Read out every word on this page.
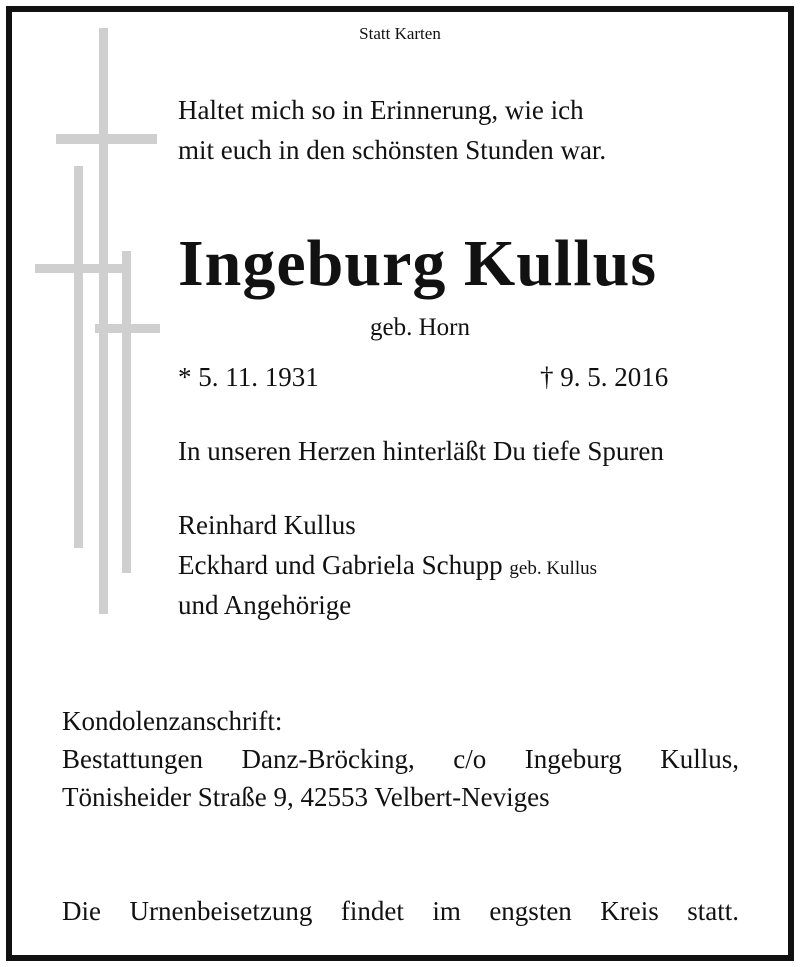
Statt Karten
Haltet mich so in Erinnerung, wie ich
mit euch in den schönsten Stunden war.
Ingeburg Kullus
geb. Horn
* 5. 11. 1931	† 9. 5. 2016
In unseren Herzen hinterläßt Du tiefe Spuren
Reinhard Kullus
Eckhard und Gabriela Schupp geb. Kullus
und Angehörige
Kondolenzanschrift:
Bestattungen Danz-Bröcking, c/o Ingeburg Kullus,
Tönisheider Straße 9, 42553 Velbert-Neviges
Die Urnenbeisetzung findet im engsten Kreis statt.
